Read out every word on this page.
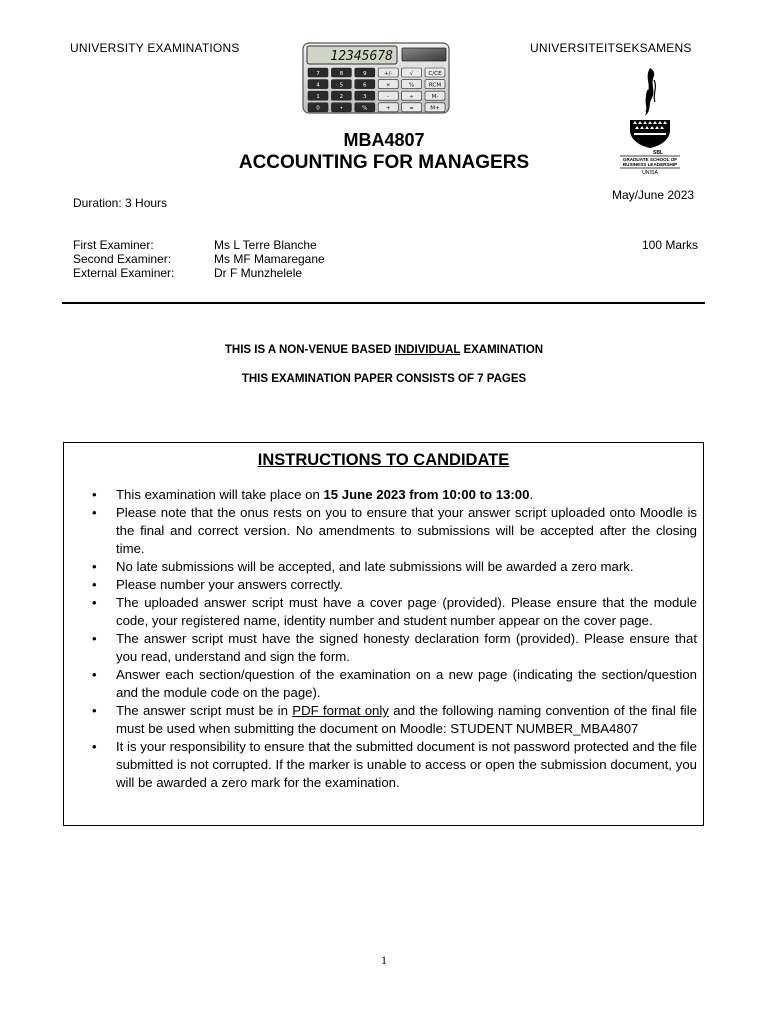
UNIVERSITY EXAMINATIONS	UNIVERSITEITSEKSAMENS
12345678
7	8	9	+/-	√	C/CE
4	5	6	×	%	RCM
1	2	3	-	÷	M-
0	•	%	+	=	M+
SBL
GRADUATE SCHOOL OF
BUSINESS LEADERSHIP
UNISA
MBA4807
ACCOUNTING FOR MANAGERS
Duration: 3 Hours
May/June 2023
100 Marks
First Examiner:	Ms L Terre Blanche
Second Examiner:	Ms MF Mamaregane
External Examiner:	Dr F Munzhelele
THIS IS A NON-VENUE BASED INDIVIDUAL EXAMINATION
THIS EXAMINATION PAPER CONSISTS OF 7 PAGES
INSTRUCTIONS TO CANDIDATE
• This examination will take place on 15 June 2023 from 10:00 to 13:00.
• Please note that the onus rests on you to ensure that your answer script uploaded onto Moodle is the final and correct version. No amendments to submissions will be accepted after the closing time.
• No late submissions will be accepted, and late submissions will be awarded a zero mark.
• Please number your answers correctly.
• The uploaded answer script must have a cover page (provided). Please ensure that the module code, your registered name, identity number and student number appear on the cover page.
• The answer script must have the signed honesty declaration form (provided). Please ensure that you read, understand and sign the form.
• Answer each section/question of the examination on a new page (indicating the section/question and the module code on the page).
• The answer script must be in PDF format only and the following naming convention of the final file must be used when submitting the document on Moodle: STUDENT NUMBER_MBA4807
• It is your responsibility to ensure that the submitted document is not password protected and the file submitted is not corrupted. If the marker is unable to access or open the submission document, you will be awarded a zero mark for the examination.
1
